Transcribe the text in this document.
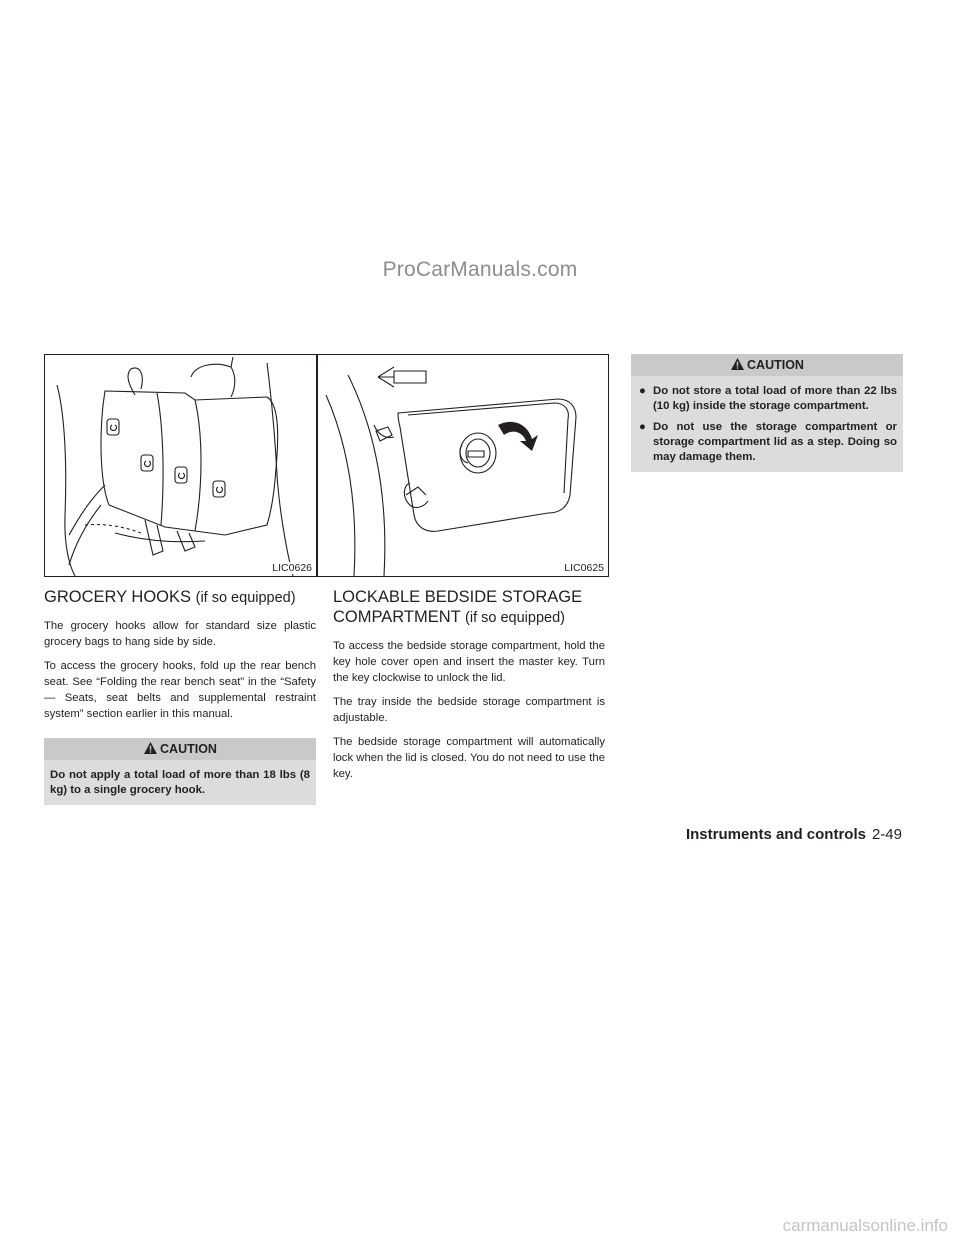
ProCarManuals.com
LIC0626	LIC0625
GROCERY HOOKS (if so equipped)

The grocery hooks allow for standard size plastic grocery bags to hang side by side.

To access the grocery hooks, fold up the rear bench seat. See “Folding the rear bench seat” in the “Safety — Seats, seat belts and supplemental restraint system” section earlier in this manual.

CAUTION
Do not apply a total load of more than 18 lbs (8 kg) to a single grocery hook.
LOCKABLE BEDSIDE STORAGE
COMPARTMENT (if so equipped)

To access the bedside storage compartment, hold the key hole cover open and insert the master key. Turn the key clockwise to unlock the lid.

The tray inside the bedside storage compartment is adjustable.

The bedside storage compartment will automatically lock when the lid is closed. You do not need to use the key.

CAUTION
● Do not store a total load of more than 22 lbs (10 kg) inside the storage compartment.
● Do not use the storage compartment or storage compartment lid as a step. Doing so may damage them.
Instruments and controls 2-49
carmanualsonline.info
